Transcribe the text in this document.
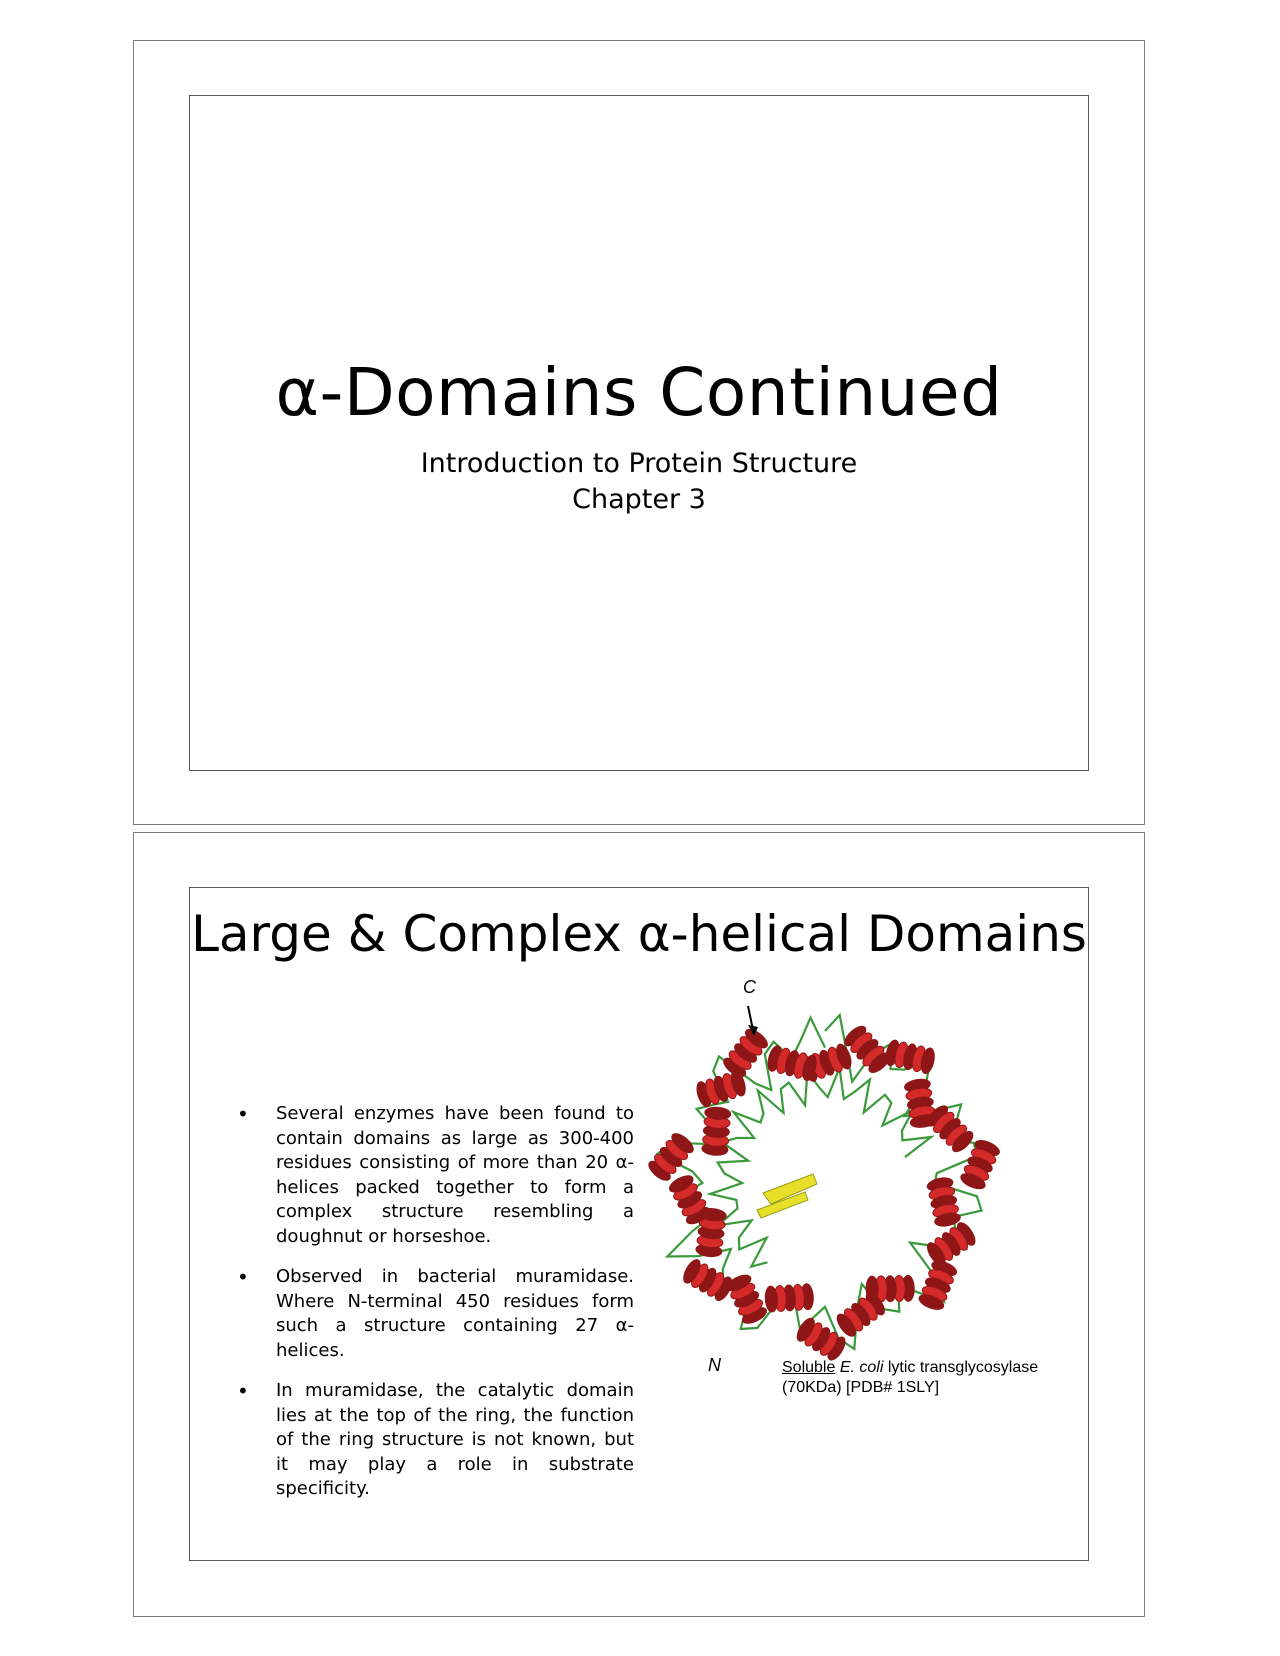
α-Domains Continued
Introduction to Protein Structure
Chapter 3
Large & Complex α-helical Domains
• Several enzymes have been found to contain domains as large as 300-400 residues consisting of more than 20 α-helices packed together to form a complex structure resembling a doughnut or horseshoe.
• Observed in bacterial muramidase. Where N-terminal 450 residues form such a structure containing 27 α-helices.
• In muramidase, the catalytic domain lies at the top of the ring, the function of the ring structure is not known, but it may play a role in substrate specificity.
C
N	Soluble E. coli lytic transglycosylase
(70KDa) [PDB# 1SLY]
